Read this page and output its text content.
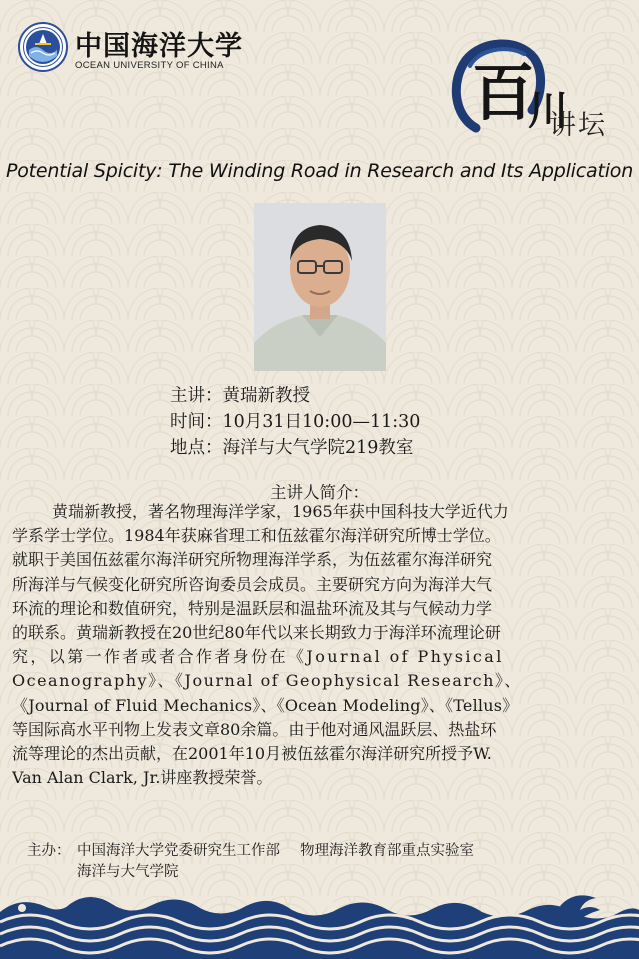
中国海洋大学
OCEAN UNIVERSITY OF CHINA	百川
讲坛
Potential Spicity: The Winding Road in Research and Its Application
主讲：黄瑞新教授
时间：10月31日10:00—11:30
地点：海洋与大气学院219教室
主讲人简介：
黄瑞新教授，著名物理海洋学家，1965年获中国科技大学近代力
学系学士学位。1984年获麻省理工和伍兹霍尔海洋研究所博士学位。
就职于美国伍兹霍尔海洋研究所物理海洋学系，为伍兹霍尔海洋研究
所海洋与气候变化研究所咨询委员会成员。主要研究方向为海洋大气
环流的理论和数值研究，特别是温跃层和温盐环流及其与气候动力学
的联系。黄瑞新教授在20世纪80年代以来长期致力于海洋环流理论研
究，以第一作者或者合作者身份在《Journal of Physical
Oceanography》、《Journal of Geophysical Research》、
《Journal of Fluid Mechanics》、《Ocean Modeling》、《Tellus》
等国际高水平刊物上发表文章80余篇。由于他对通风温跃层、热盐环
流等理论的杰出贡献，在2001年10月被伍兹霍尔海洋研究所授予W.
Van Alan Clark, Jr.讲座教授荣誉。
主办： 中国海洋大学党委研究生工作部 物理海洋教育部重点实验室
海洋与大气学院
